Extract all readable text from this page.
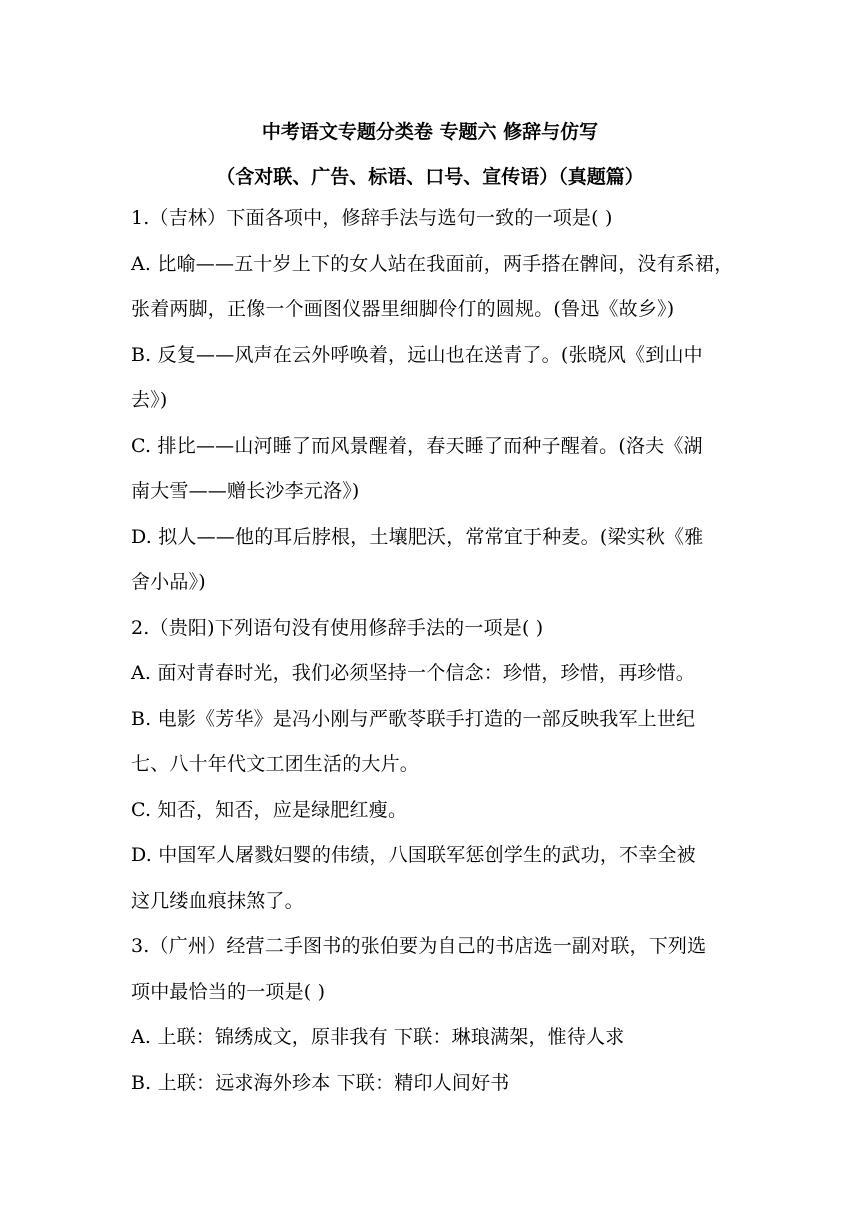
中考语文专题分类卷 专题六 修辞与仿写
（含对联、广告、标语、口号、宣传语）（真题篇）
1.（吉林）下面各项中，修辞手法与选句一致的一项是( )
A. 比喻——五十岁上下的女人站在我面前，两手搭在髀间，没有系裙，
张着两脚，正像一个画图仪器里细脚伶仃的圆规。(鲁迅《故乡》)
B. 反复——风声在云外呼唤着，远山也在送青了。(张晓风《到山中
去》)
C. 排比——山河睡了而风景醒着，春天睡了而种子醒着。(洛夫《湖
南大雪——赠长沙李元洛》)
D. 拟人——他的耳后脖根，土壤肥沃，常常宜于种麦。(梁实秋《雅
舍小品》)
2.（贵阳)下列语句没有使用修辞手法的一项是( )
A. 面对青春时光，我们必须坚持一个信念：珍惜，珍惜，再珍惜。
B. 电影《芳华》是冯小刚与严歌苓联手打造的一部反映我军上世纪
七、八十年代文工团生活的大片。
C. 知否，知否，应是绿肥红瘦。
D. 中国军人屠戮妇婴的伟绩，八国联军惩创学生的武功，不幸全被
这几缕血痕抹煞了。
3.（广州）经营二手图书的张伯要为自己的书店选一副对联，下列选
项中最恰当的一项是( )
A. 上联：锦绣成文，原非我有 下联：琳琅满架，惟待人求
B. 上联：远求海外珍本 下联：精印人间好书
